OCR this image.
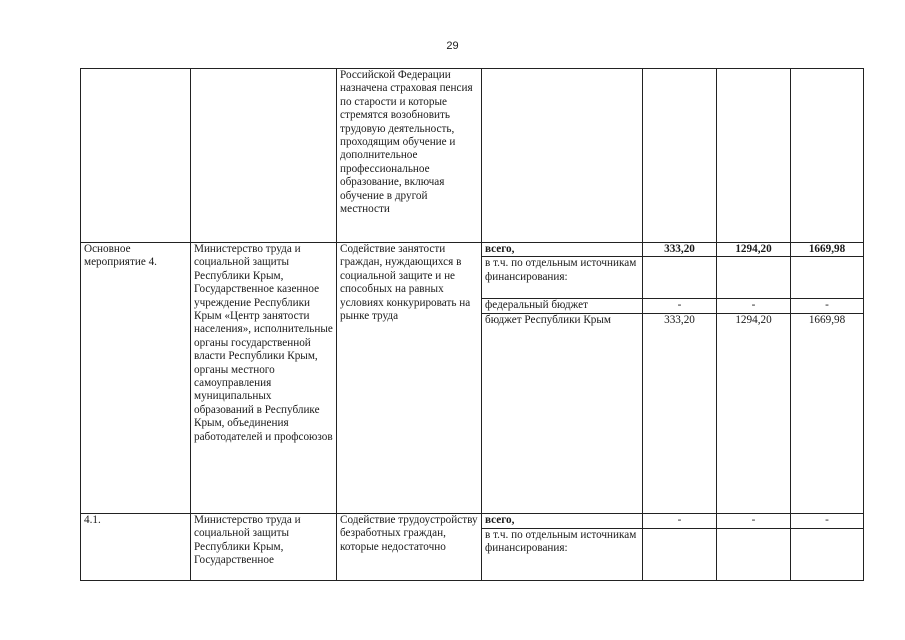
29
		Российской Федерации назначена страховая пенсия по старости и которые стремятся возобновить трудовую деятельность, проходящим обучение и дополнительное профессиональное образование, включая обучение в другой местности				
Основное мероприятие 4.	Министерство труда и социальной защиты Республики Крым, Государственное казенное учреждение Республики Крым «Центр занятости населения», исполнительные органы государственной власти Республики Крым, органы местного самоуправления муниципальных образований в Республике Крым, объединения работодателей и профсоюзов	Содействие занятости граждан, нуждающихся в социальной защите и не способных на равных условиях конкурировать на рынке труда	всего,	333,20	1294,20	1669,98
			в т.ч. по отдельным источникам финансирования:			
			федеральный бюджет	-	-	-
			бюджет Республики Крым	333,20	1294,20	1669,98
4.1.	Министерство труда и социальной защиты Республики Крым, Государственное	Содействие трудоустройству безработных граждан, которые недостаточно	всего,	-	-	-
			в т.ч. по отдельным источникам финансирования:			
